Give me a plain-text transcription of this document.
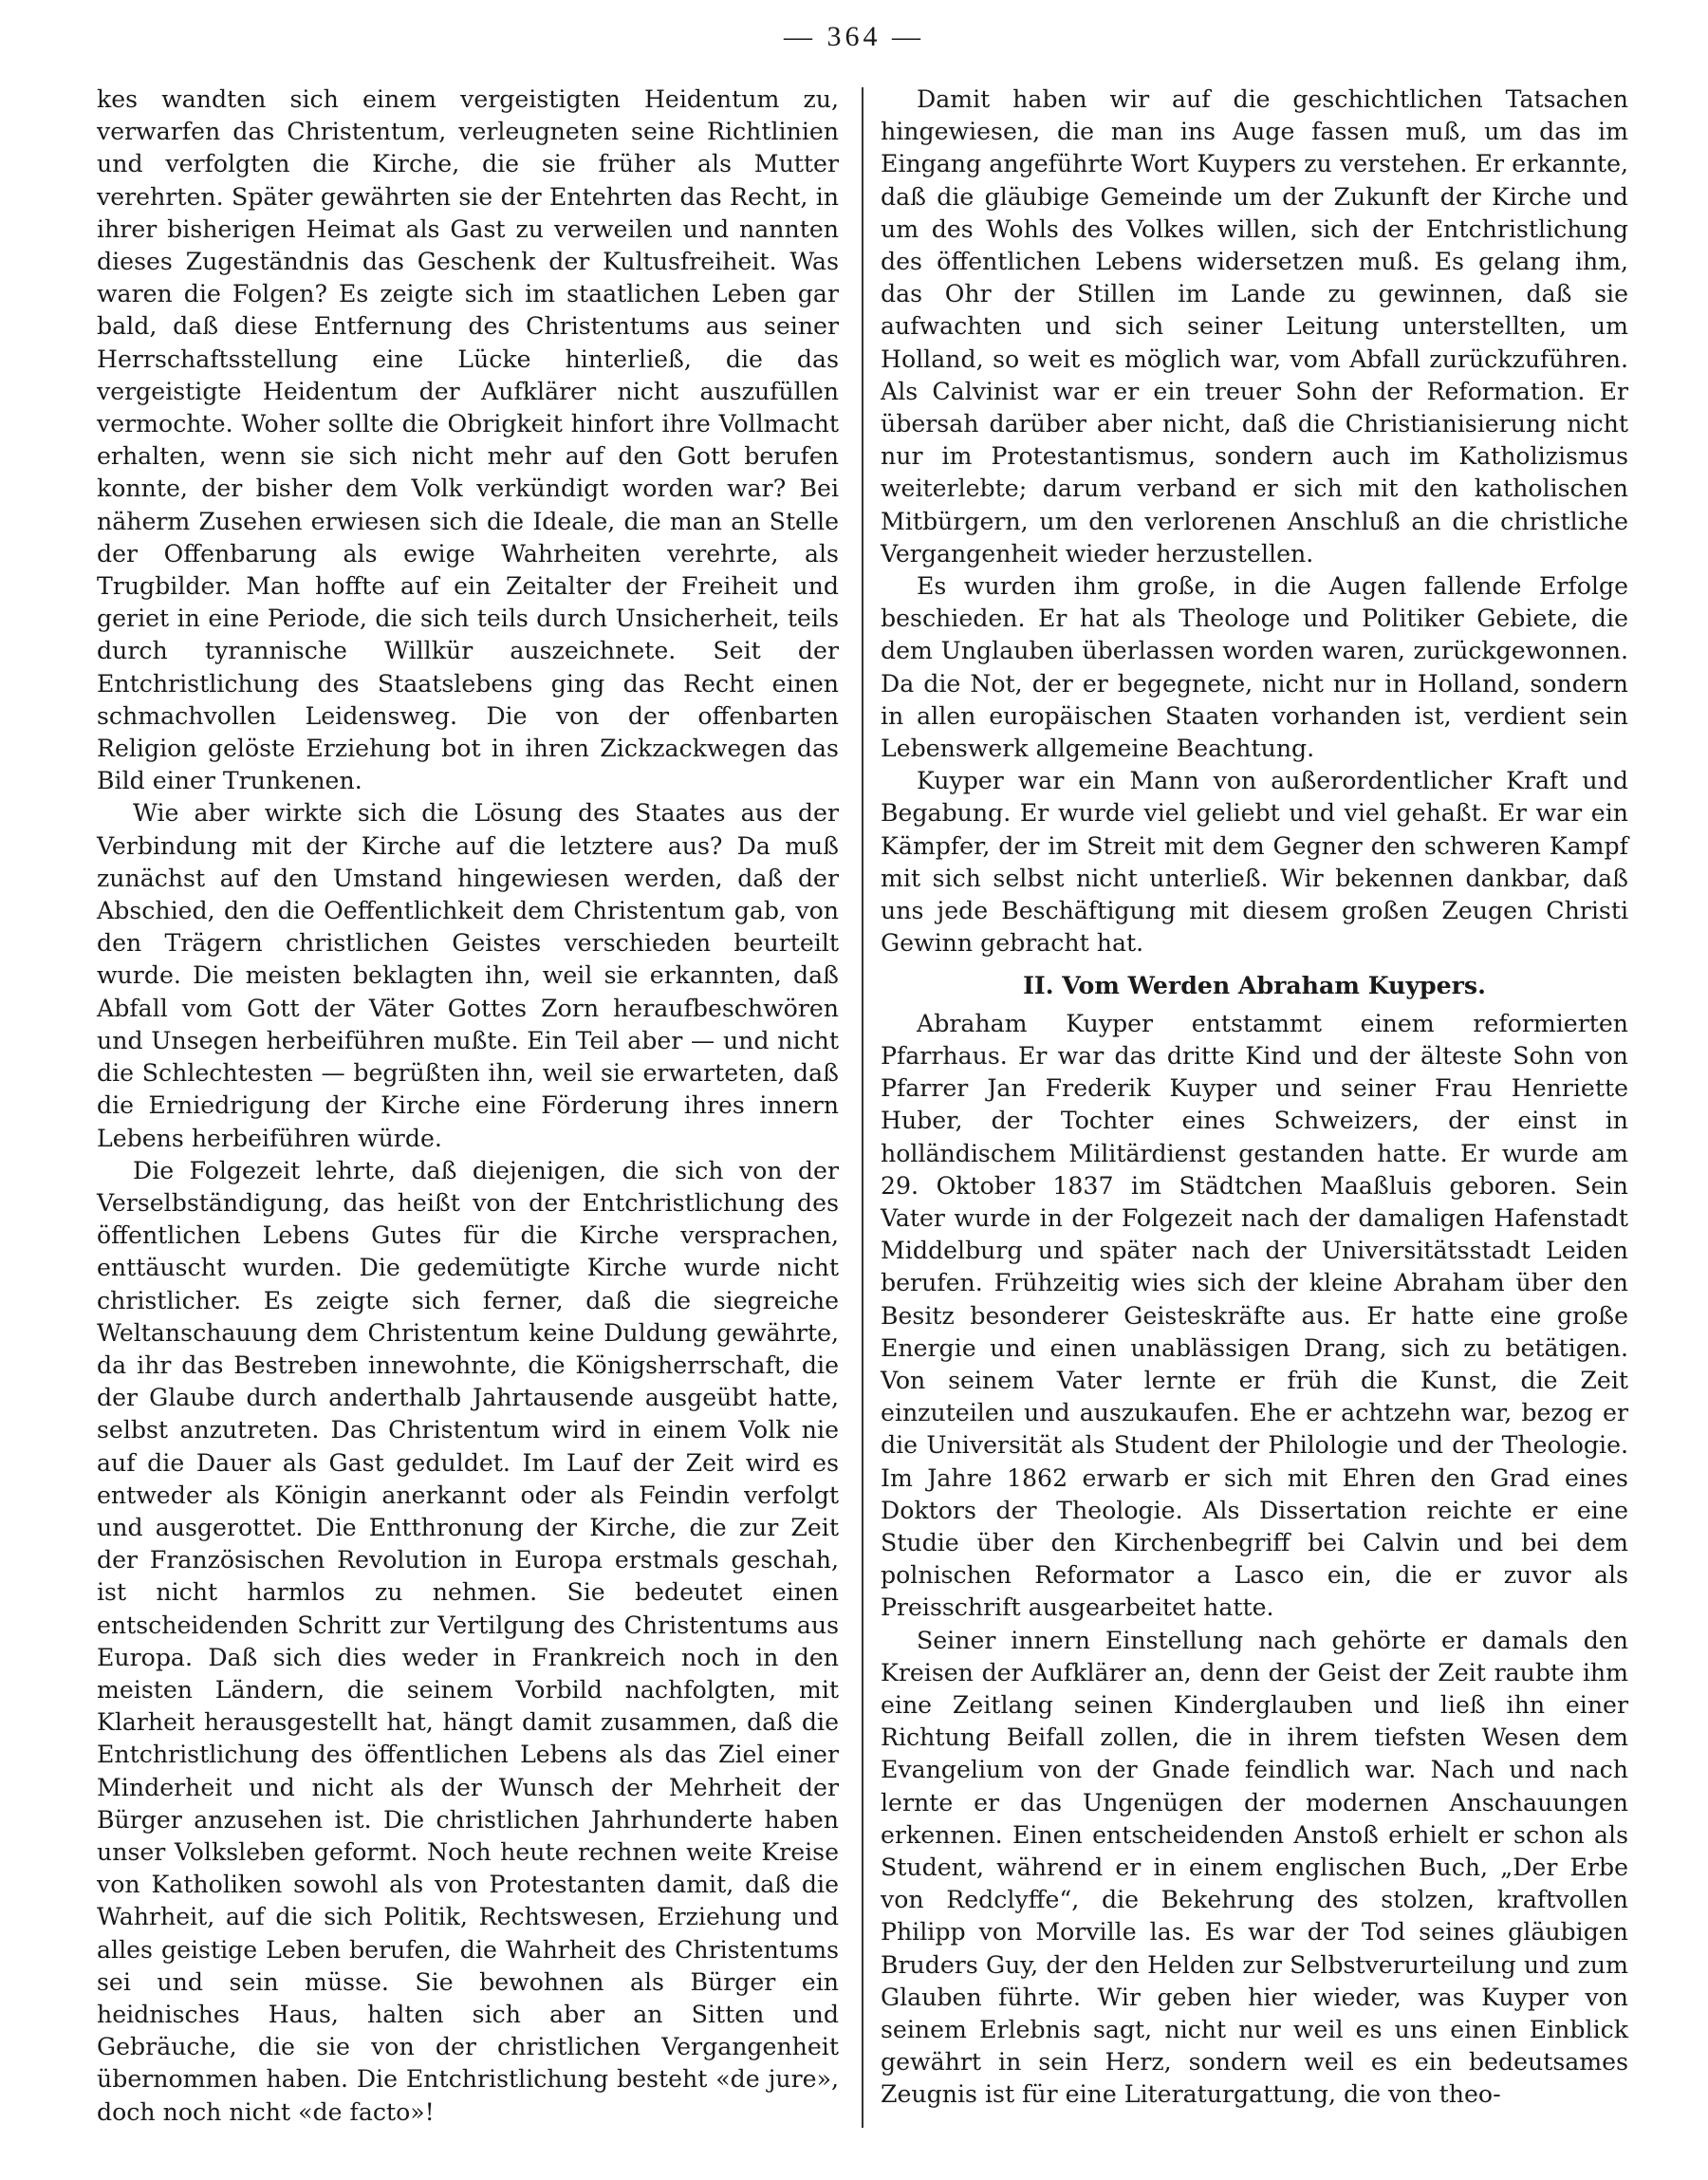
— 364 —

kes wandten sich einem vergeistigten Heidentum zu, verwarfen das Christentum, verleugneten seine Richtlinien und verfolgten die Kirche, die sie früher als Mutter verehrten. Später gewährten sie der Entehrten das Recht, in ihrer bisherigen Heimat als Gast zu verweilen und nannten dieses Zugeständnis das Geschenk der Kultusfreiheit. Was waren die Folgen? Es zeigte sich im staatlichen Leben gar bald, daß diese Entfernung des Christentums aus seiner Herrschaftsstellung eine Lücke hinterließ, die das vergeistigte Heidentum der Aufklärer nicht auszufüllen vermochte. Woher sollte die Obrigkeit hinfort ihre Vollmacht erhalten, wenn sie sich nicht mehr auf den Gott berufen konnte, der bisher dem Volk verkündigt worden war? Bei näherm Zusehen erwiesen sich die Ideale, die man an Stelle der Offenbarung als ewige Wahrheiten verehrte, als Trugbilder. Man hoffte auf ein Zeitalter der Freiheit und geriet in eine Periode, die sich teils durch Unsicherheit, teils durch tyrannische Willkür auszeichnete. Seit der Entchristlichung des Staatslebens ging das Recht einen schmachvollen Leidensweg. Die von der offenbarten Religion gelöste Erziehung bot in ihren Zickzackwegen das Bild einer Trunkenen.

Wie aber wirkte sich die Lösung des Staates aus der Verbindung mit der Kirche auf die letztere aus? Da muß zunächst auf den Umstand hingewiesen werden, daß der Abschied, den die Oeffentlichkeit dem Christentum gab, von den Trägern christlichen Geistes verschieden beurteilt wurde. Die meisten beklagten ihn, weil sie erkannten, daß Abfall vom Gott der Väter Gottes Zorn heraufbeschwören und Unsegen herbeiführen mußte. Ein Teil aber — und nicht die Schlechtesten — begrüßten ihn, weil sie erwarteten, daß die Erniedrigung der Kirche eine Förderung ihres innern Lebens herbeiführen würde.

Die Folgezeit lehrte, daß diejenigen, die sich von der Verselbständigung, das heißt von der Entchristlichung des öffentlichen Lebens Gutes für die Kirche versprachen, enttäuscht wurden. Die gedemütigte Kirche wurde nicht christlicher. Es zeigte sich ferner, daß die siegreiche Weltanschauung dem Christentum keine Duldung gewährte, da ihr das Bestreben innewohnte, die Königsherrschaft, die der Glaube durch anderthalb Jahrtausende ausgeübt hatte, selbst anzutreten. Das Christentum wird in einem Volk nie auf die Dauer als Gast geduldet. Im Lauf der Zeit wird es entweder als Königin anerkannt oder als Feindin verfolgt und ausgerottet. Die Entthronung der Kirche, die zur Zeit der Französischen Revolution in Europa erstmals geschah, ist nicht harmlos zu nehmen. Sie bedeutet einen entscheidenden Schritt zur Vertilgung des Christentums aus Europa. Daß sich dies weder in Frankreich noch in den meisten Ländern, die seinem Vorbild nachfolgten, mit Klarheit herausgestellt hat, hängt damit zusammen, daß die Entchristlichung des öffentlichen Lebens als das Ziel einer Minderheit und nicht als der Wunsch der Mehrheit der Bürger anzusehen ist. Die christlichen Jahrhunderte haben unser Volksleben geformt. Noch heute rechnen weite Kreise von Katholiken sowohl als von Protestanten damit, daß die Wahrheit, auf die sich Politik, Rechtswesen, Erziehung und alles geistige Leben berufen, die Wahrheit des Christentums sei und sein müsse. Sie bewohnen als Bürger ein heidnisches Haus, halten sich aber an Sitten und Gebräuche, die sie von der christlichen Vergangenheit übernommen haben. Die Entchristlichung besteht «de jure», doch noch nicht «de facto»!

Damit haben wir auf die geschichtlichen Tatsachen hingewiesen, die man ins Auge fassen muß, um das im Eingang angeführte Wort Kuypers zu verstehen. Er erkannte, daß die gläubige Gemeinde um der Zukunft der Kirche und um des Wohls des Volkes willen, sich der Entchristlichung des öffentlichen Lebens widersetzen muß. Es gelang ihm, das Ohr der Stillen im Lande zu gewinnen, daß sie aufwachten und sich seiner Leitung unterstellten, um Holland, so weit es möglich war, vom Abfall zurückzuführen. Als Calvinist war er ein treuer Sohn der Reformation. Er übersah darüber aber nicht, daß die Christianisierung nicht nur im Protestantismus, sondern auch im Katholizismus weiterlebte; darum verband er sich mit den katholischen Mitbürgern, um den verlorenen Anschluß an die christliche Vergangenheit wieder herzustellen.

Es wurden ihm große, in die Augen fallende Erfolge beschieden. Er hat als Theologe und Politiker Gebiete, die dem Unglauben überlassen worden waren, zurückgewonnen. Da die Not, der er begegnete, nicht nur in Holland, sondern in allen europäischen Staaten vorhanden ist, verdient sein Lebenswerk allgemeine Beachtung.

Kuyper war ein Mann von außerordentlicher Kraft und Begabung. Er wurde viel geliebt und viel gehaßt. Er war ein Kämpfer, der im Streit mit dem Gegner den schweren Kampf mit sich selbst nicht unterließ. Wir bekennen dankbar, daß uns jede Beschäftigung mit diesem großen Zeugen Christi Gewinn gebracht hat.

II. Vom Werden Abraham Kuypers.

Abraham Kuyper entstammt einem reformierten Pfarrhaus. Er war das dritte Kind und der älteste Sohn von Pfarrer Jan Frederik Kuyper und seiner Frau Henriette Huber, der Tochter eines Schweizers, der einst in holländischem Militärdienst gestanden hatte. Er wurde am 29. Oktober 1837 im Städtchen Maaßluis geboren. Sein Vater wurde in der Folgezeit nach der damaligen Hafenstadt Middelburg und später nach der Universitätsstadt Leiden berufen. Frühzeitig wies sich der kleine Abraham über den Besitz besonderer Geisteskräfte aus. Er hatte eine große Energie und einen unablässigen Drang, sich zu betätigen. Von seinem Vater lernte er früh die Kunst, die Zeit einzuteilen und auszukaufen. Ehe er achtzehn war, bezog er die Universität als Student der Philologie und der Theologie. Im Jahre 1862 erwarb er sich mit Ehren den Grad eines Doktors der Theologie. Als Dissertation reichte er eine Studie über den Kirchenbegriff bei Calvin und bei dem polnischen Reformator a Lasco ein, die er zuvor als Preisschrift ausgearbeitet hatte.

Seiner innern Einstellung nach gehörte er damals den Kreisen der Aufklärer an, denn der Geist der Zeit raubte ihm eine Zeitlang seinen Kinderglauben und ließ ihn einer Richtung Beifall zollen, die in ihrem tiefsten Wesen dem Evangelium von der Gnade feindlich war. Nach und nach lernte er das Ungenügen der modernen Anschauungen erkennen. Einen entscheidenden Anstoß erhielt er schon als Student, während er in einem englischen Buch, „Der Erbe von Redclyffe“, die Bekehrung des stolzen, kraftvollen Philipp von Morville las. Es war der Tod seines gläubigen Bruders Guy, der den Helden zur Selbstverurteilung und zum Glauben führte. Wir geben hier wieder, was Kuyper von seinem Erlebnis sagt, nicht nur weil es uns einen Einblick gewährt in sein Herz, sondern weil es ein bedeutsames Zeugnis ist für eine Literaturgattung, die von theo-
